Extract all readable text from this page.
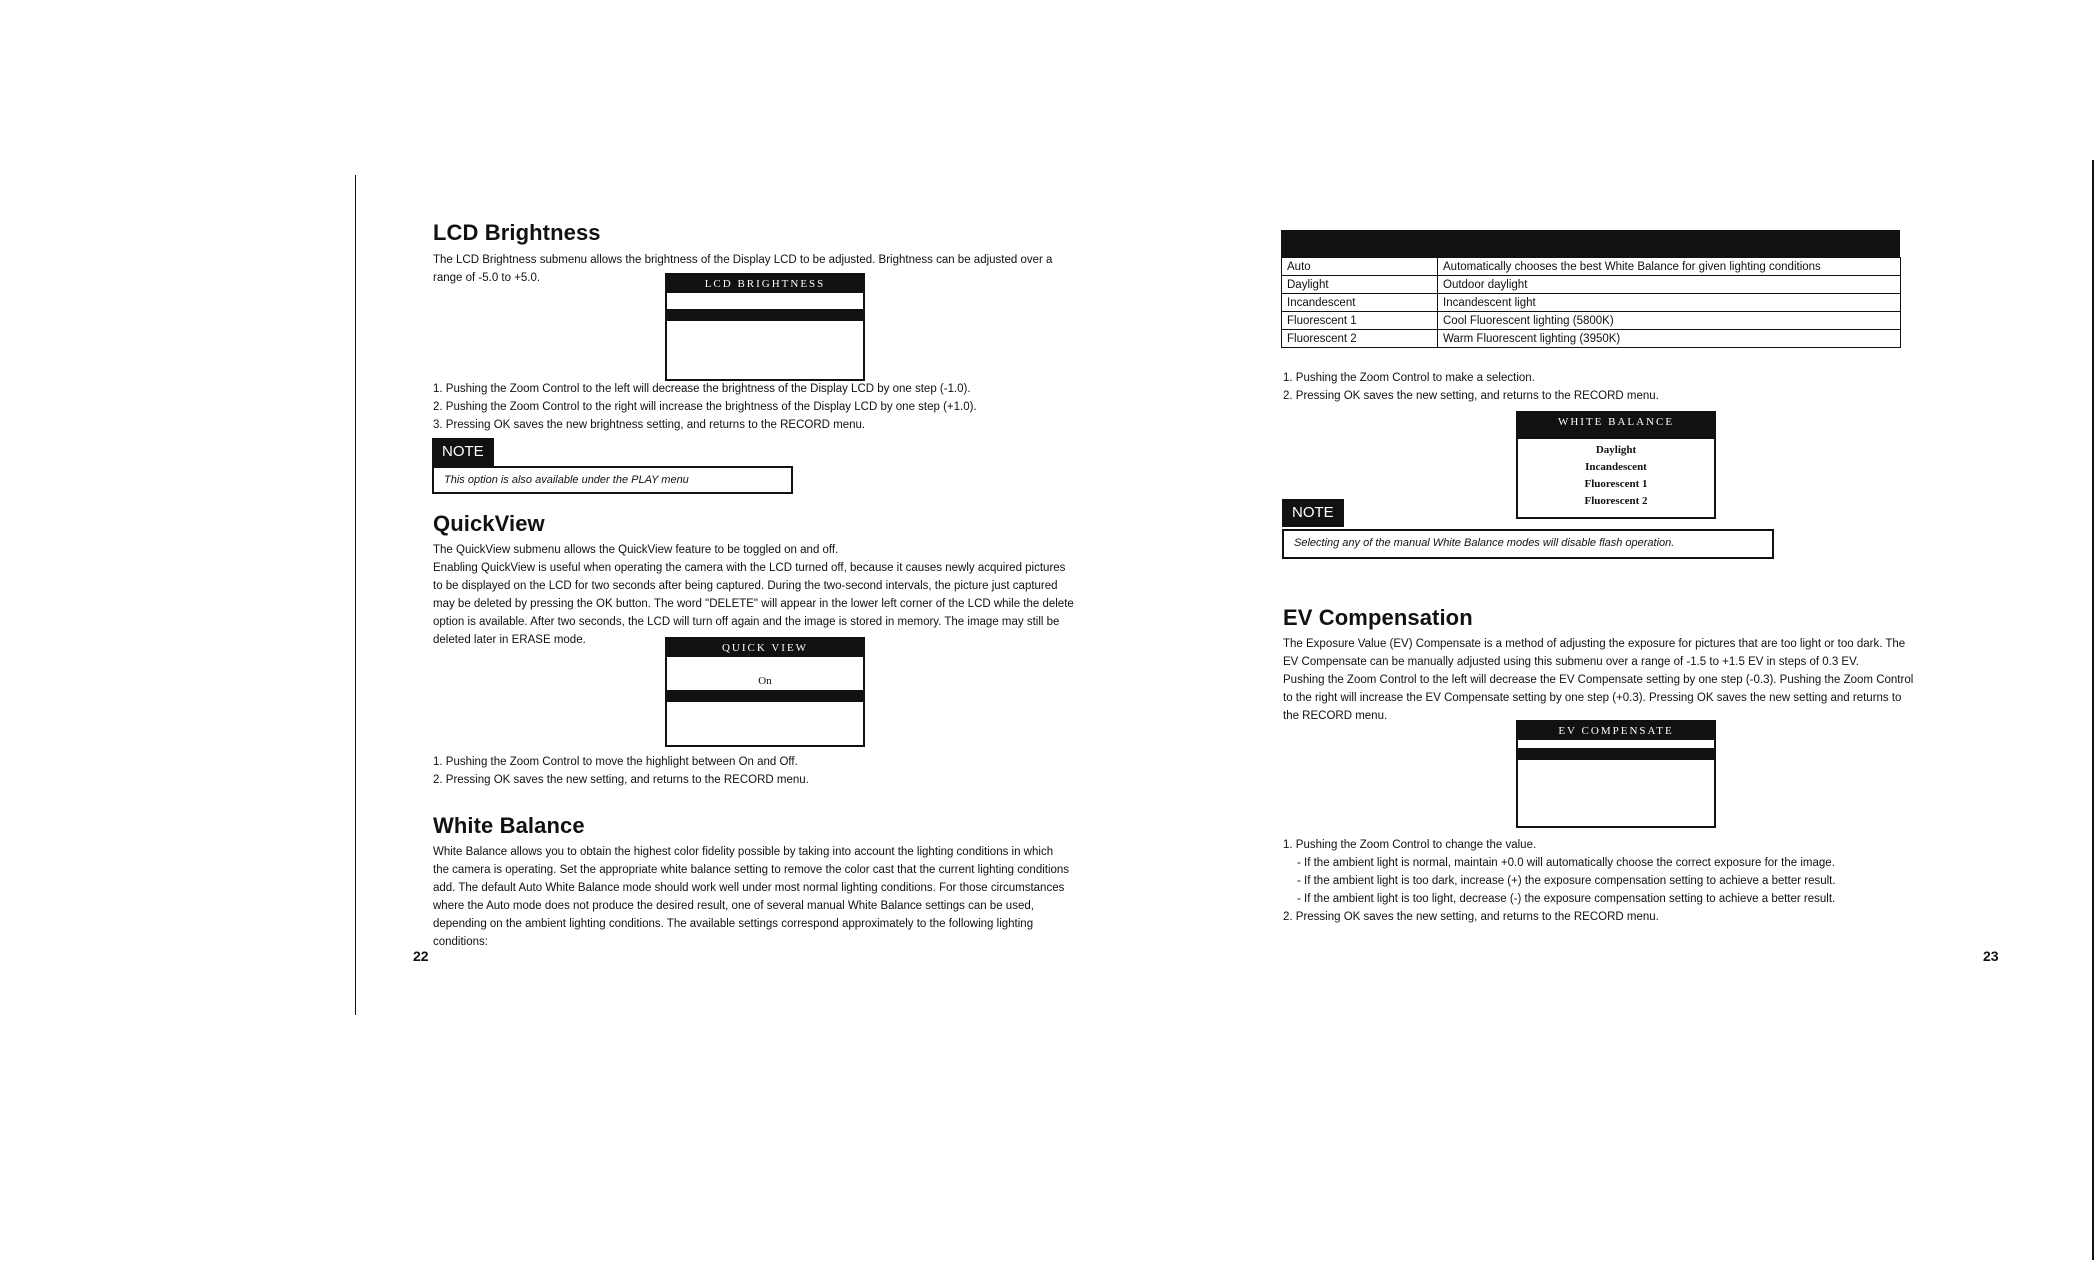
LCD Brightness
The LCD Brightness submenu allows the brightness of the Display LCD to be adjusted. Brightness can be adjusted over a
range of -5.0 to +5.0.	LCD BRIGHTNESS
1. Pushing the Zoom Control to the left will decrease the brightness of the Display LCD by one step (-1.0).
2. Pushing the Zoom Control to the right will increase the brightness of the Display LCD by one step (+1.0).
3. Pressing OK saves the new brightness setting, and returns to the RECORD menu.
NOTE
This option is also available under the PLAY menu
QuickView
The QuickView submenu allows the QuickView feature to be toggled on and off.
Enabling QuickView is useful when operating the camera with the LCD turned off, because it causes newly acquired pictures
to be displayed on the LCD for two seconds after being captured. During the two-second intervals, the picture just captured
may be deleted by pressing the OK button. The word "DELETE" will appear in the lower left corner of the LCD while the delete
option is available. After two seconds, the LCD will turn off again and the image is stored in memory. The image may still be
deleted later in ERASE mode.
QUICK VIEW
On
1. Pushing the Zoom Control to move the highlight between On and Off.
2. Pressing OK saves the new setting, and returns to the RECORD menu.
White Balance
White Balance allows you to obtain the highest color fidelity possible by taking into account the lighting conditions in which
the camera is operating. Set the appropriate white balance setting to remove the color cast that the current lighting conditions
add. The default Auto White Balance mode should work well under most normal lighting conditions. For those circumstances
where the Auto mode does not produce the desired result, one of several manual White Balance settings can be used,
depending on the ambient lighting conditions. The available settings correspond approximately to the following lighting
conditions:
22
Auto	Automatically chooses the best White Balance for given lighting conditions
Daylight	Outdoor daylight
Incandescent	Incandescent light
Fluorescent 1	Cool Fluorescent lighting (5800K)
Fluorescent 2	Warm Fluorescent lighting (3950K)
1. Pushing the Zoom Control to make a selection.
2. Pressing OK saves the new setting, and returns to the RECORD menu.
WHITE BALANCE
Daylight
Incandescent
Fluorescent 1
Fluorescent 2
NOTE
Selecting any of the manual White Balance modes will disable flash operation.
EV Compensation
The Exposure Value (EV) Compensate is a method of adjusting the exposure for pictures that are too light or too dark. The
EV Compensate can be manually adjusted using this submenu over a range of -1.5 to +1.5 EV in steps of 0.3 EV.
Pushing the Zoom Control to the left will decrease the EV Compensate setting by one step (-0.3). Pushing the Zoom Control
to the right will increase the EV Compensate setting by one step (+0.3). Pressing OK saves the new setting and returns to
the RECORD menu.
EV COMPENSATE
1. Pushing the Zoom Control to change the value.
- If the ambient light is normal, maintain +0.0 will automatically choose the correct exposure for the image.
- If the ambient light is too dark, increase (+) the exposure compensation setting to achieve a better result.
- If the ambient light is too light, decrease (-) the exposure compensation setting to achieve a better result.
2. Pressing OK saves the new setting, and returns to the RECORD menu.
23
